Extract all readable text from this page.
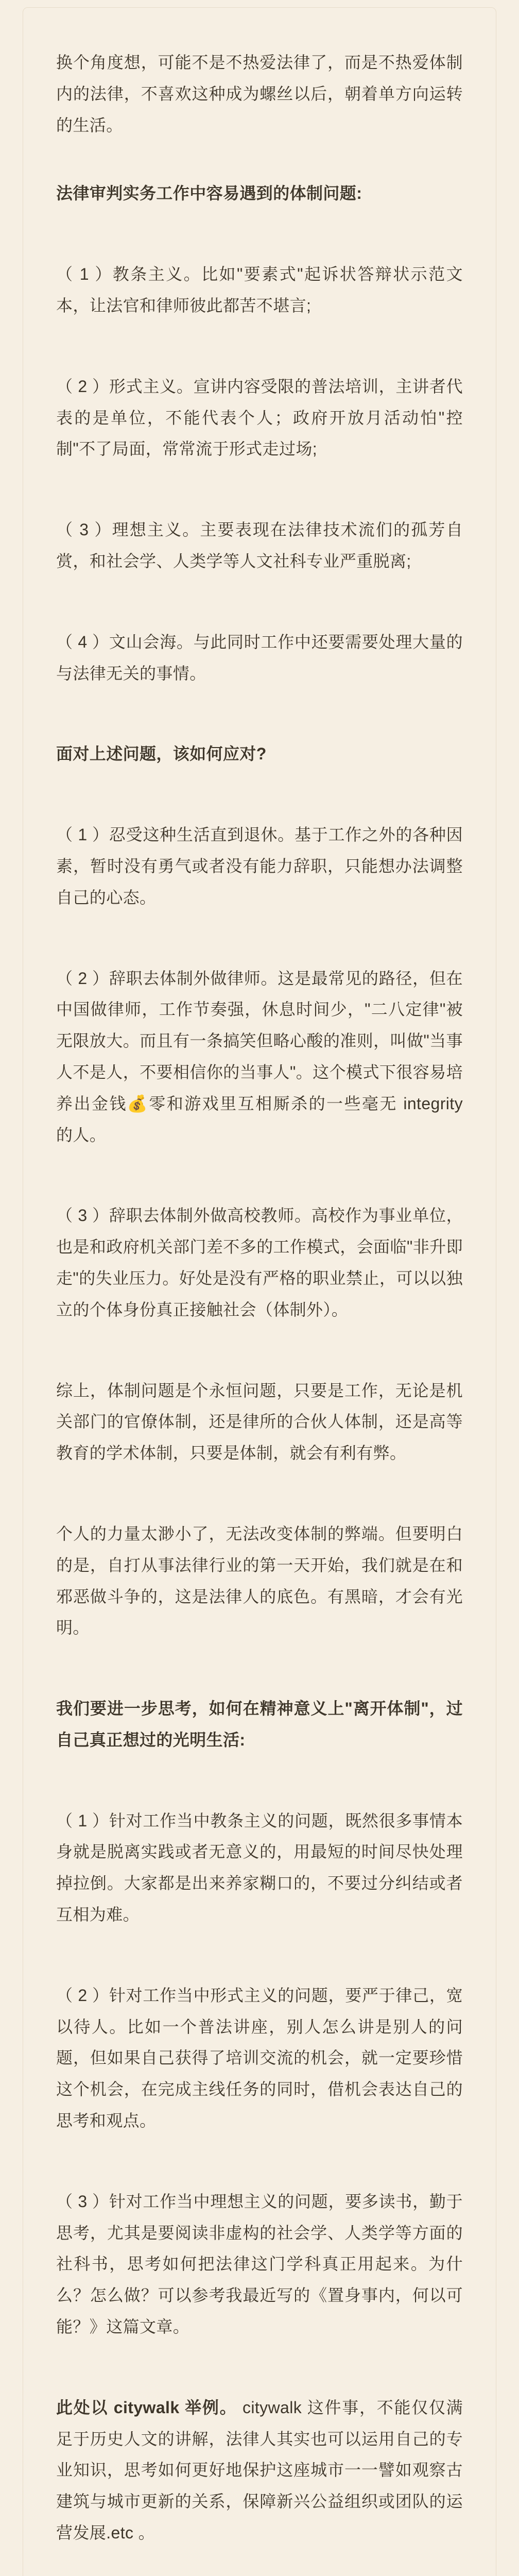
换个角度想，可能不是不热爱法律了，而是不热爱体制内的法律，不喜欢这种成为螺丝以后，朝着单方向运转的生活。

法律审判实务工作中容易遇到的体制问题:

（ 1 ）教条主义。比如"要素式"起诉状答辩状示范文本，让法官和律师彼此都苦不堪言;

（ 2 ）形式主义。宣讲内容受限的普法培训，主讲者代表的是单位，不能代表个人；政府开放月活动怕"控制"不了局面，常常流于形式走过场;

（ 3 ）理想主义。主要表现在法律技术流们的孤芳自赏，和社会学、人类学等人文社科专业严重脱离;

（ 4 ）文山会海。与此同时工作中还要需要处理大量的与法律无关的事情。

面对上述问题，该如何应对?

（ 1 ）忍受这种生活直到退休。基于工作之外的各种因素，暂时没有勇气或者没有能力辞职，只能想办法调整自己的心态。

（ 2 ）辞职去体制外做律师。这是最常见的路径，但在中国做律师，工作节奏强，休息时间少，"二八定律"被无限放大。而且有一条搞笑但略心酸的准则，叫做"当事人不是人，不要相信你的当事人"。这个模式下很容易培养出金钱💰零和游戏里互相厮杀的一些毫无 integrity 的人。

（ 3 ）辞职去体制外做高校教师。高校作为事业单位，也是和政府机关部门差不多的工作模式，会面临"非升即走"的失业压力。好处是没有严格的职业禁止，可以以独立的个体身份真正接触社会（体制外）。

综上，体制问题是个永恒问题，只要是工作，无论是机关部门的官僚体制，还是律所的合伙人体制，还是高等教育的学术体制，只要是体制，就会有利有弊。

个人的力量太渺小了，无法改变体制的弊端。但要明白的是，自打从事法律行业的第一天开始，我们就是在和邪恶做斗争的，这是法律人的底色。有黑暗，才会有光明。

我们要进一步思考，如何在精神意义上"离开体制"，过自己真正想过的光明生活:

（ 1 ）针对工作当中教条主义的问题，既然很多事情本身就是脱离实践或者无意义的，用最短的时间尽快处理掉拉倒。大家都是出来养家糊口的，不要过分纠结或者互相为难。

（ 2 ）针对工作当中形式主义的问题，要严于律己，宽以待人。比如一个普法讲座，别人怎么讲是别人的问题，但如果自己获得了培训交流的机会，就一定要珍惜这个机会，在完成主线任务的同时，借机会表达自己的思考和观点。

（ 3 ）针对工作当中理想主义的问题，要多读书，勤于思考，尤其是要阅读非虚构的社会学、人类学等方面的社科书，思考如何把法律这门学科真正用起来。为什么？怎么做？可以参考我最近写的《置身事内，何以可能？》这篇文章。

此处以 citywalk 举例。 citywalk 这件事，不能仅仅满足于历史人文的讲解，法律人其实也可以运用自己的专业知识，思考如何更好地保护这座城市一一譬如观察古建筑与城市更新的关系，保障新兴公益组织或团队的运营发展.etc 。
